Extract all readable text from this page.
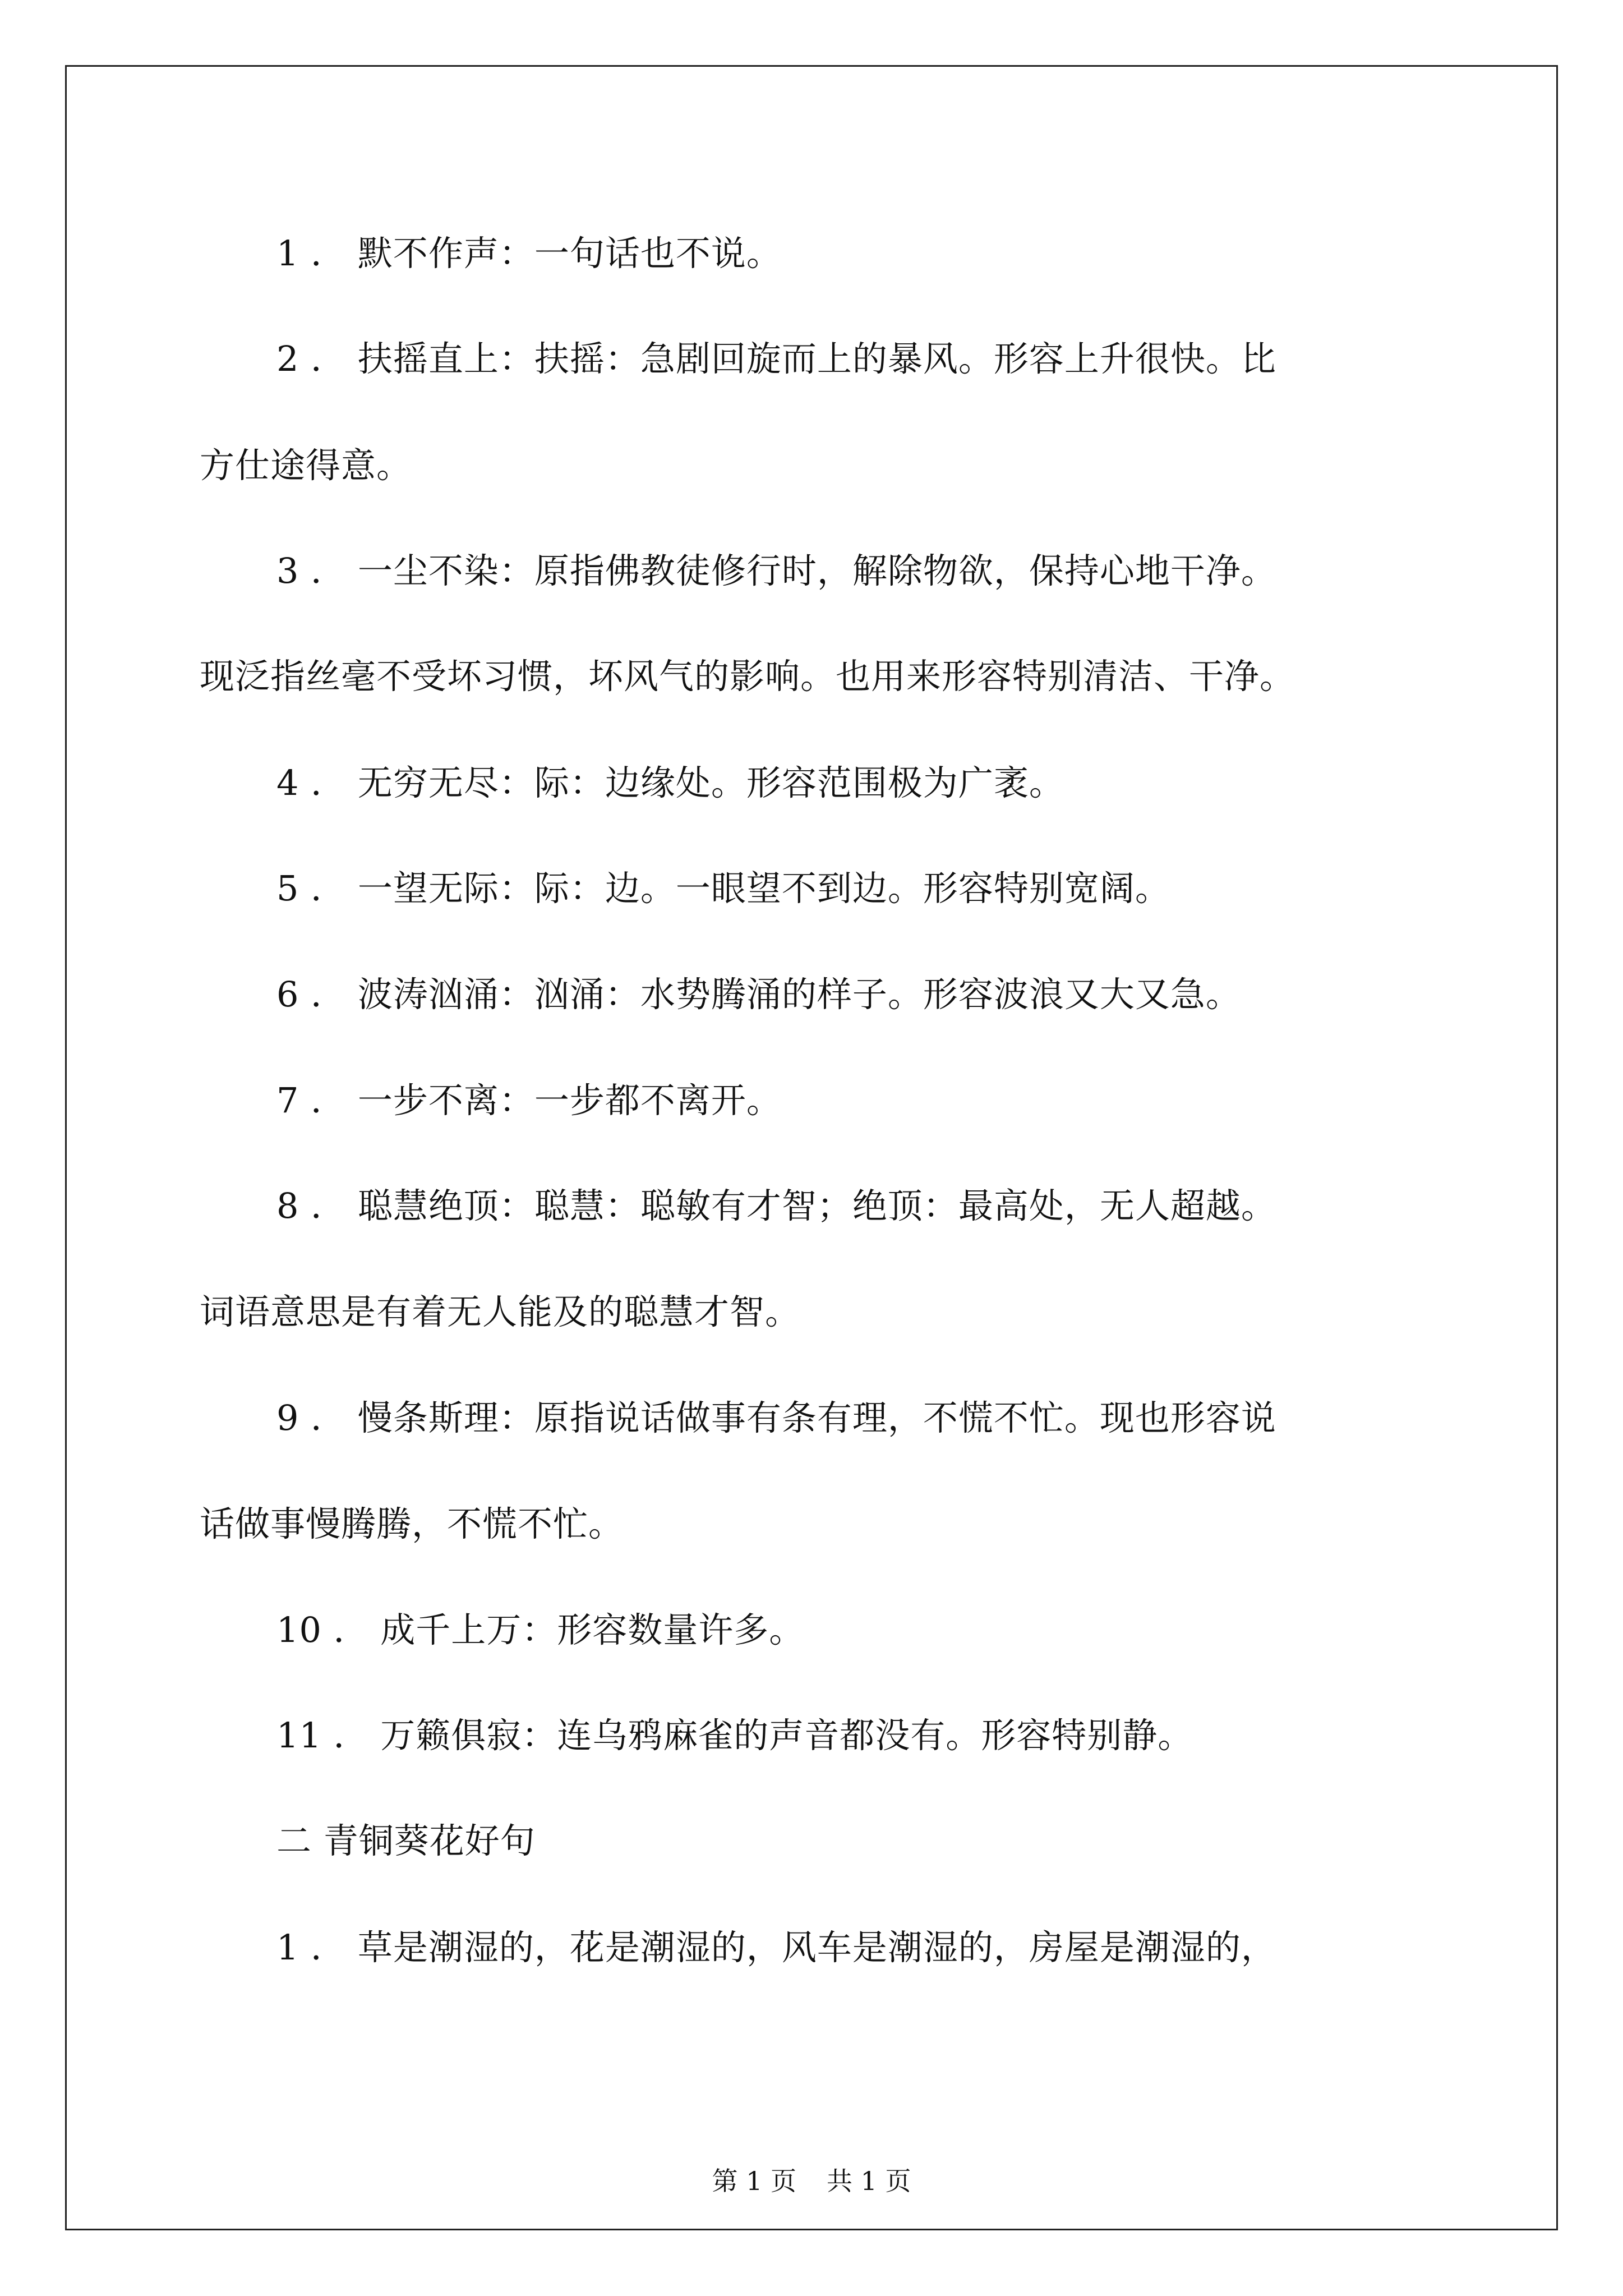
1 ． 默不作声：一句话也不说。
2 ． 扶摇直上：扶摇：急剧回旋而上的暴风。形容上升很快。比
方仕途得意。
3 ． 一尘不染：原指佛教徒修行时，解除物欲，保持心地干净。
现泛指丝毫不受坏习惯，坏风气的影响。也用来形容特别清洁、干净。
4 ． 无穷无尽：际：边缘处。形容范围极为广袤。
5 ． 一望无际：际：边。一眼望不到边。形容特别宽阔。
6 ． 波涛汹涌：汹涌：水势腾涌的样子。形容波浪又大又急。
7 ． 一步不离：一步都不离开。
8 ． 聪慧绝顶：聪慧：聪敏有才智；绝顶：最高处，无人超越。
词语意思是有着无人能及的聪慧才智。
9 ． 慢条斯理：原指说话做事有条有理，不慌不忙。现也形容说
话做事慢腾腾，不慌不忙。
10 ． 成千上万：形容数量许多。
11 ． 万籁俱寂：连乌鸦麻雀的声音都没有。形容特别静。
二 青铜葵花好句
1 ． 草是潮湿的，花是潮湿的，风车是潮湿的，房屋是潮湿的，
第 1 页 共 1 页
